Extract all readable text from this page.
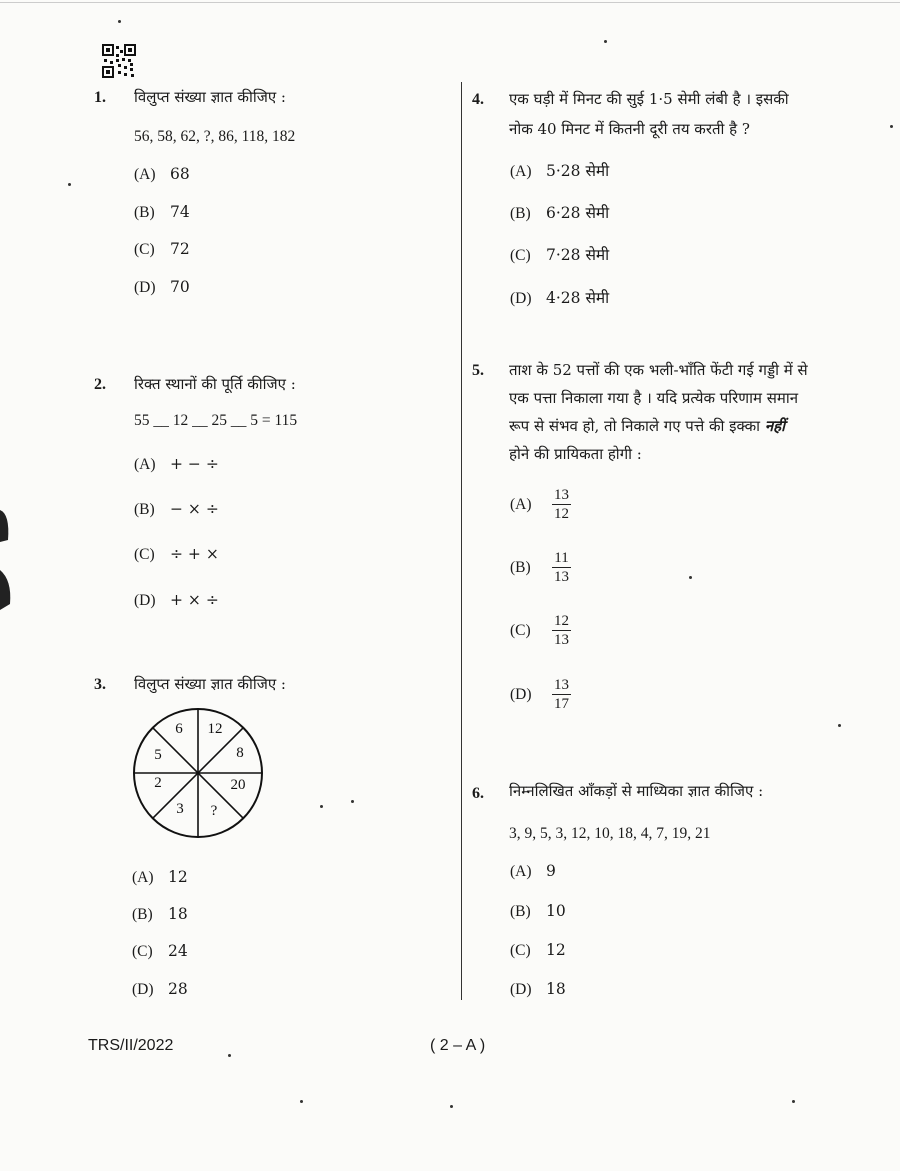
1. विलुप्त संख्या ज्ञात कीजिए :
56, 58, 62, ?, 86, 118, 182
(A) 68
(B) 74
(C) 72
(D) 70
2. रिक्त स्थानों की पूर्ति कीजिए :
55 __ 12 __ 25 __ 5 = 115
(A) + − ÷
(B) − × ÷
(C) ÷ + ×
(D) + × ÷
3. विलुप्त संख्या ज्ञात कीजिए :
6 12
8
20
?
3
2
5
(A) 12
(B) 18
(C) 24
(D) 28
4. एक घड़ी में मिनट की सुई 1·5 सेमी लंबी है । इसकी
नोक 40 मिनट में कितनी दूरी तय करती है ?
(A) 5·28 सेमी
(B) 6·28 सेमी
(C) 7·28 सेमी
(D) 4·28 सेमी
5. ताश के 52 पत्तों की एक भली-भाँति फेंटी गई गड्डी में से
एक पत्ता निकाला गया है । यदि प्रत्येक परिणाम समान
रूप से संभव हो, तो निकाले गए पत्ते की इक्का नहीं
होने की प्रायिकता होगी :
$(A) \frac{13}{12}$
$(B) \frac{11}{13}$
$(C) \frac{12}{13}$
$(D) \frac{13}{17}$
6. निम्नलिखित आँकड़ों से माध्यिका ज्ञात कीजिए :
3, 9, 5, 3, 12, 10, 18, 4, 7, 19, 21
(A) 9
(B) 10
(C) 12
(D) 18
TRS/II/2022	( 2 – A )
